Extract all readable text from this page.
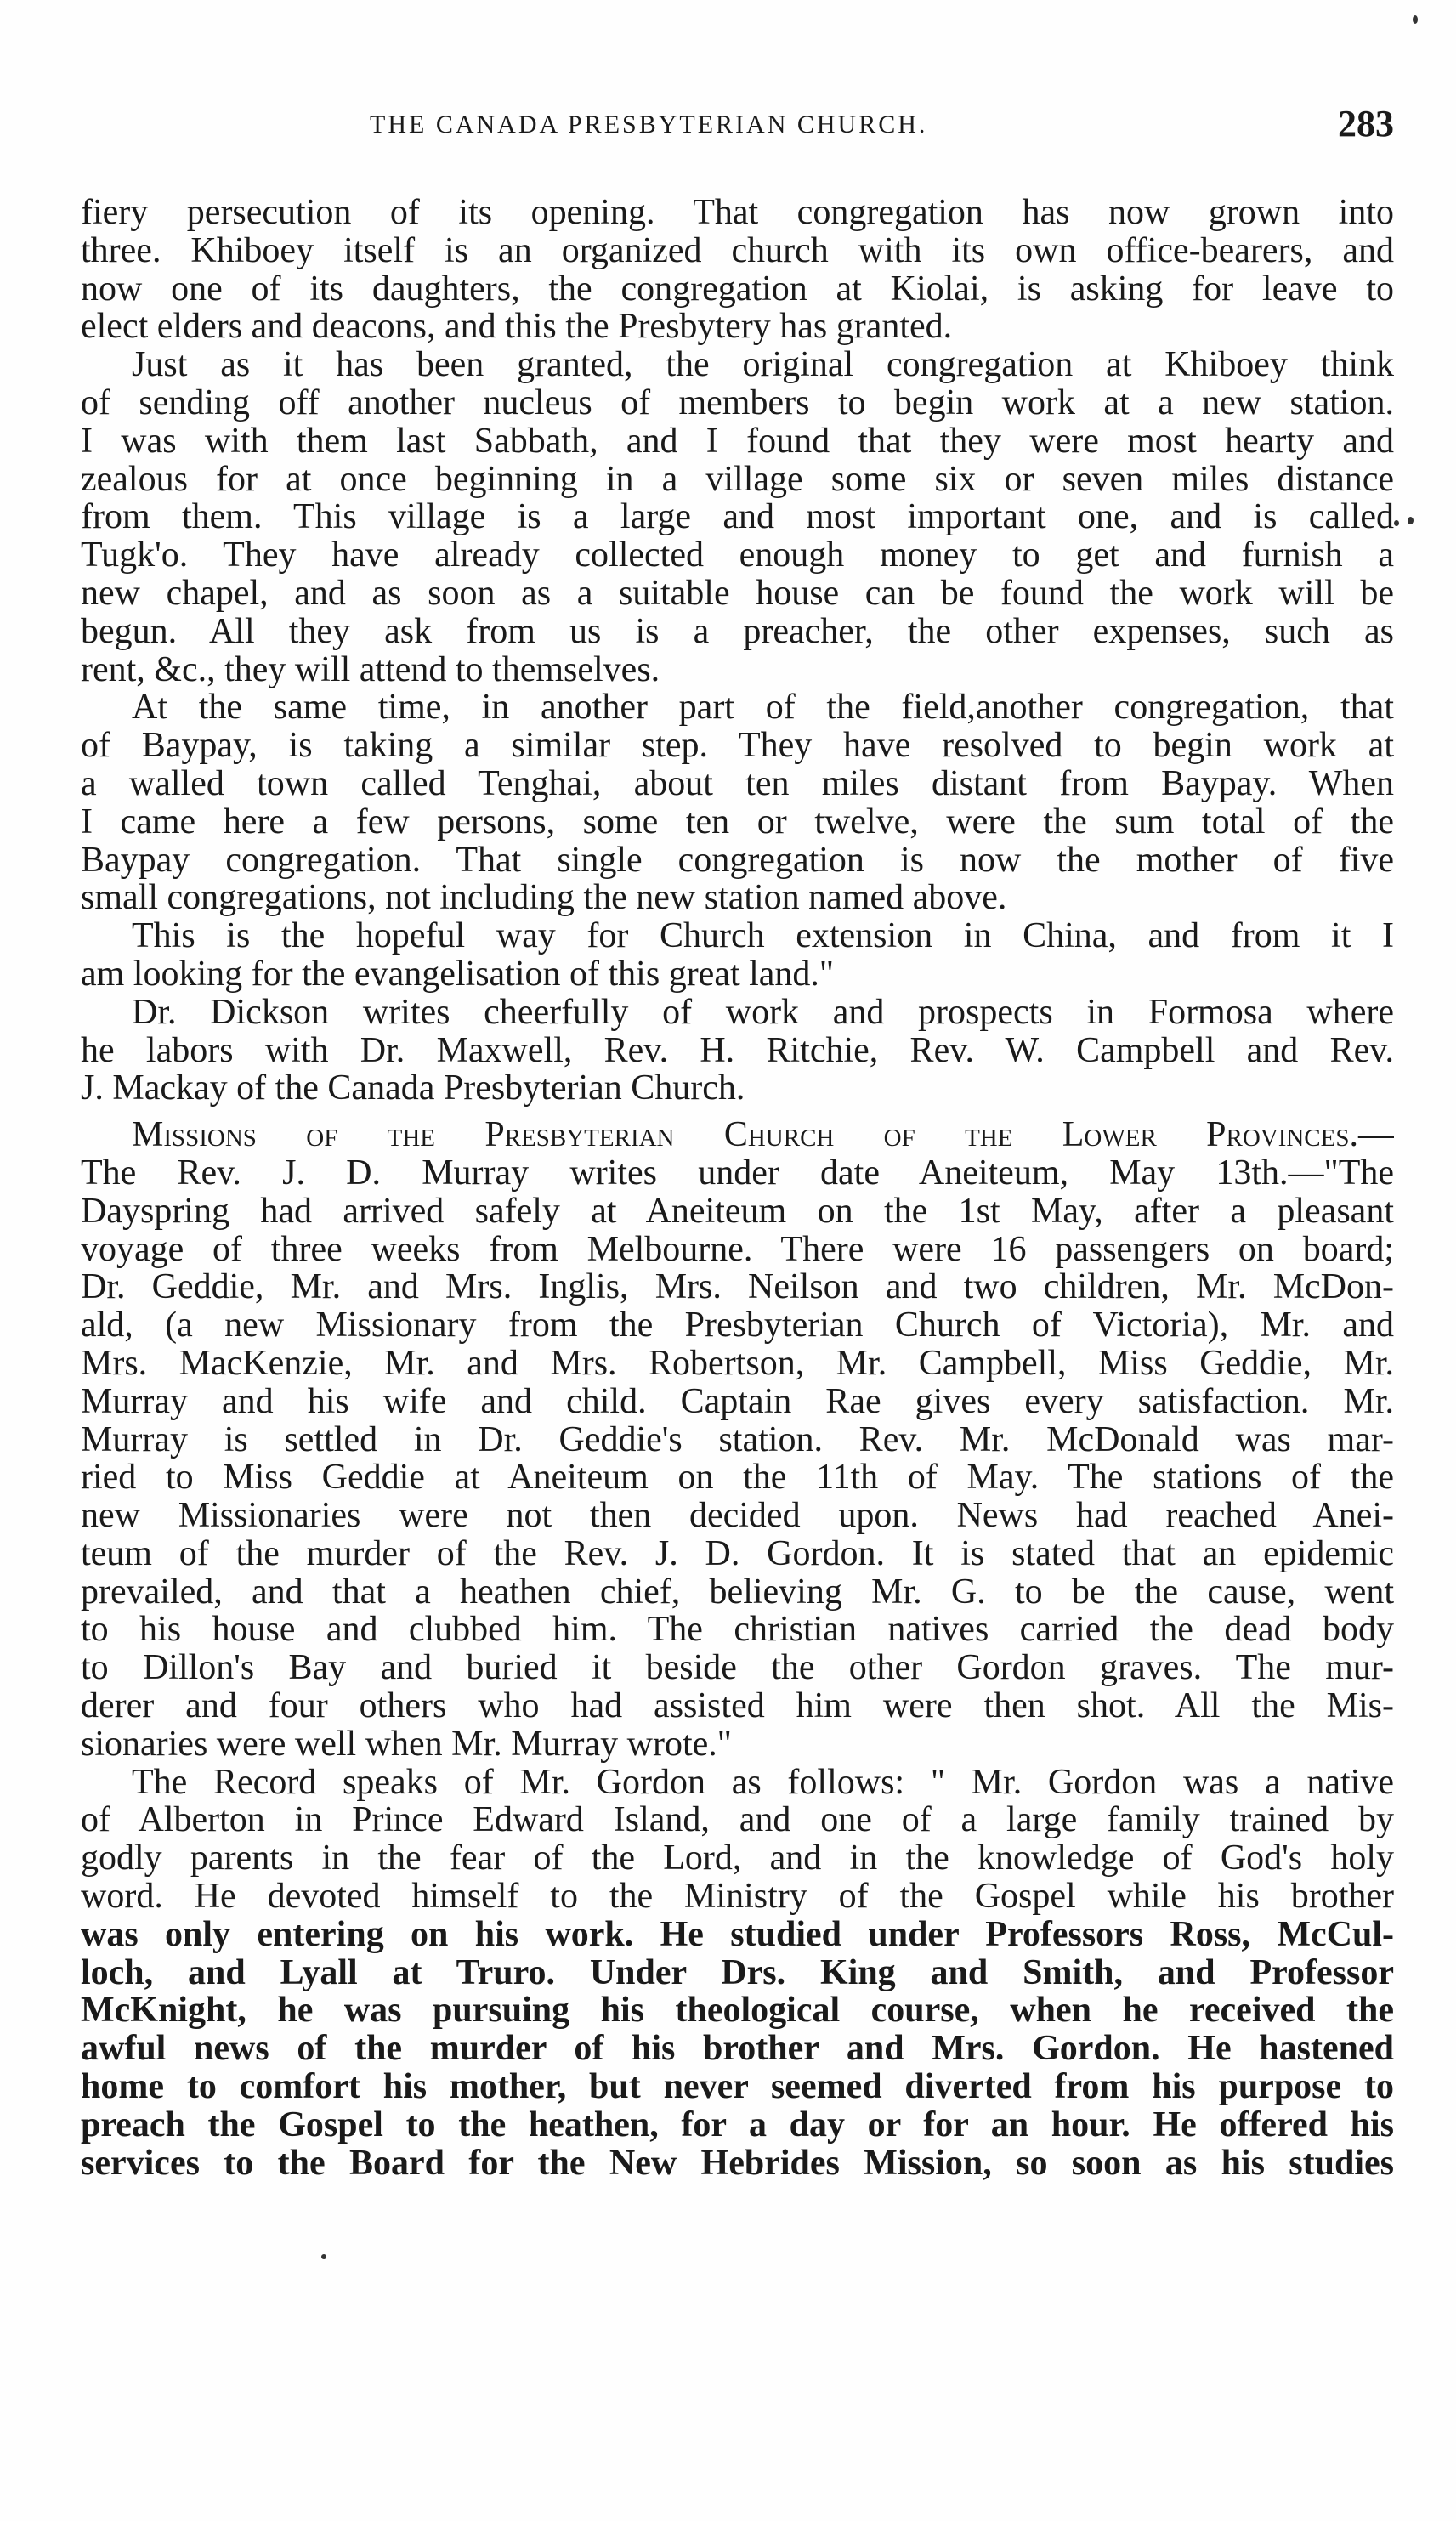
THE CANADA PRESBYTERIAN CHURCH.	283
fiery persecution of its opening. That congregation has now grown into
three. Khiboey itself is an organized church with its own office-bearers, and
now one of its daughters, the congregation at Kiolai, is asking for leave to
elect elders and deacons, and this the Presbytery has granted.
Just as it has been granted, the original congregation at Khiboey think
of sending off another nucleus of members to begin work at a new station.
I was with them last Sabbath, and I found that they were most hearty and
zealous for at once beginning in a village some six or seven miles distance
from them. This village is a large and most important one, and is called
Tugk'o. They have already collected enough money to get and furnish a
new chapel, and as soon as a suitable house can be found the work will be
begun. All they ask from us is a preacher, the other expenses, such as
rent, &c., they will attend to themselves.
At the same time, in another part of the field,another congregation, that
of Baypay, is taking a similar step. They have resolved to begin work at
a walled town called Tenghai, about ten miles distant from Baypay. When
I came here a few persons, some ten or twelve, were the sum total of the
Baypay congregation. That single congregation is now the mother of five
small congregations, not including the new station named above.
This is the hopeful way for Church extension in China, and from it I
am looking for the evangelisation of this great land."
Dr. Dickson writes cheerfully of work and prospects in Formosa where
he labors with Dr. Maxwell, Rev. H. Ritchie, Rev. W. Campbell and Rev.
J. Mackay of the Canada Presbyterian Church.
Missions of the Presbyterian Church of the Lower Provinces.—
The Rev. J. D. Murray writes under date Aneiteum, May 13th.—"The
Dayspring had arrived safely at Aneiteum on the 1st May, after a pleasant
voyage of three weeks from Melbourne. There were 16 passengers on board;
Dr. Geddie, Mr. and Mrs. Inglis, Mrs. Neilson and two children, Mr. McDon-
ald, (a new Missionary from the Presbyterian Church of Victoria), Mr. and
Mrs. MacKenzie, Mr. and Mrs. Robertson, Mr. Campbell, Miss Geddie, Mr.
Murray and his wife and child. Captain Rae gives every satisfaction. Mr.
Murray is settled in Dr. Geddie's station. Rev. Mr. McDonald was mar-
ried to Miss Geddie at Aneiteum on the 11th of May. The stations of the
new Missionaries were not then decided upon. News had reached Anei-
teum of the murder of the Rev. J. D. Gordon. It is stated that an epidemic
prevailed, and that a heathen chief, believing Mr. G. to be the cause, went
to his house and clubbed him. The christian natives carried the dead body
to Dillon's Bay and buried it beside the other Gordon graves. The mur-
derer and four others who had assisted him were then shot. All the Mis-
sionaries were well when Mr. Murray wrote."
The Record speaks of Mr. Gordon as follows: " Mr. Gordon was a native
of Alberton in Prince Edward Island, and one of a large family trained by
godly parents in the fear of the Lord, and in the knowledge of God's holy
word. He devoted himself to the Ministry of the Gospel while his brother
was only entering on his work. He studied under Professors Ross, McCul-
loch, and Lyall at Truro. Under Drs. King and Smith, and Professor
McKnight, he was pursuing his theological course, when he received the
awful news of the murder of his brother and Mrs. Gordon. He hastened
home to comfort his mother, but never seemed diverted from his purpose to
preach the Gospel to the heathen, for a day or for an hour. He offered his
services to the Board for the New Hebrides Mission, so soon as his studies
